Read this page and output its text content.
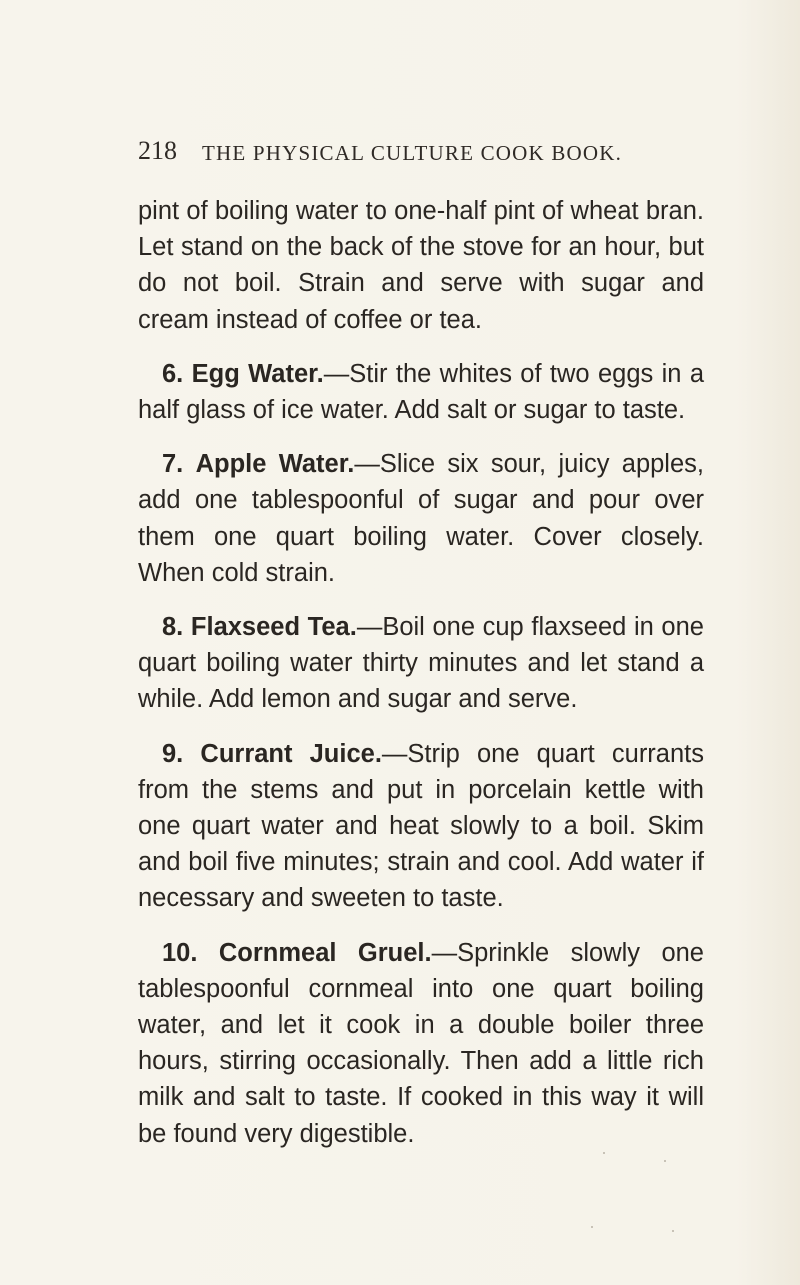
218 THE PHYSICAL CULTURE COOK BOOK.

pint of boiling water to one-half pint of wheat bran. Let stand on the back of the stove for an hour, but do not boil. Strain and serve with sugar and cream instead of coffee or tea.

6. Egg Water.—Stir the whites of two eggs in a half glass of ice water. Add salt or sugar to taste.

7. Apple Water.—Slice six sour, juicy apples, add one tablespoonful of sugar and pour over them one quart boiling water. Cover closely. When cold strain.

8. Flaxseed Tea.—Boil one cup flaxseed in one quart boiling water thirty minutes and let stand a while. Add lemon and sugar and serve.

9. Currant Juice.—Strip one quart currants from the stems and put in porcelain kettle with one quart water and heat slowly to a boil. Skim and boil five minutes; strain and cool. Add water if necessary and sweeten to taste.

10. Cornmeal Gruel.—Sprinkle slowly one tablespoonful cornmeal into one quart boiling water, and let it cook in a double boiler three hours, stirring occasionally. Then add a little rich milk and salt to taste. If cooked in this way it will be found very digestible.
